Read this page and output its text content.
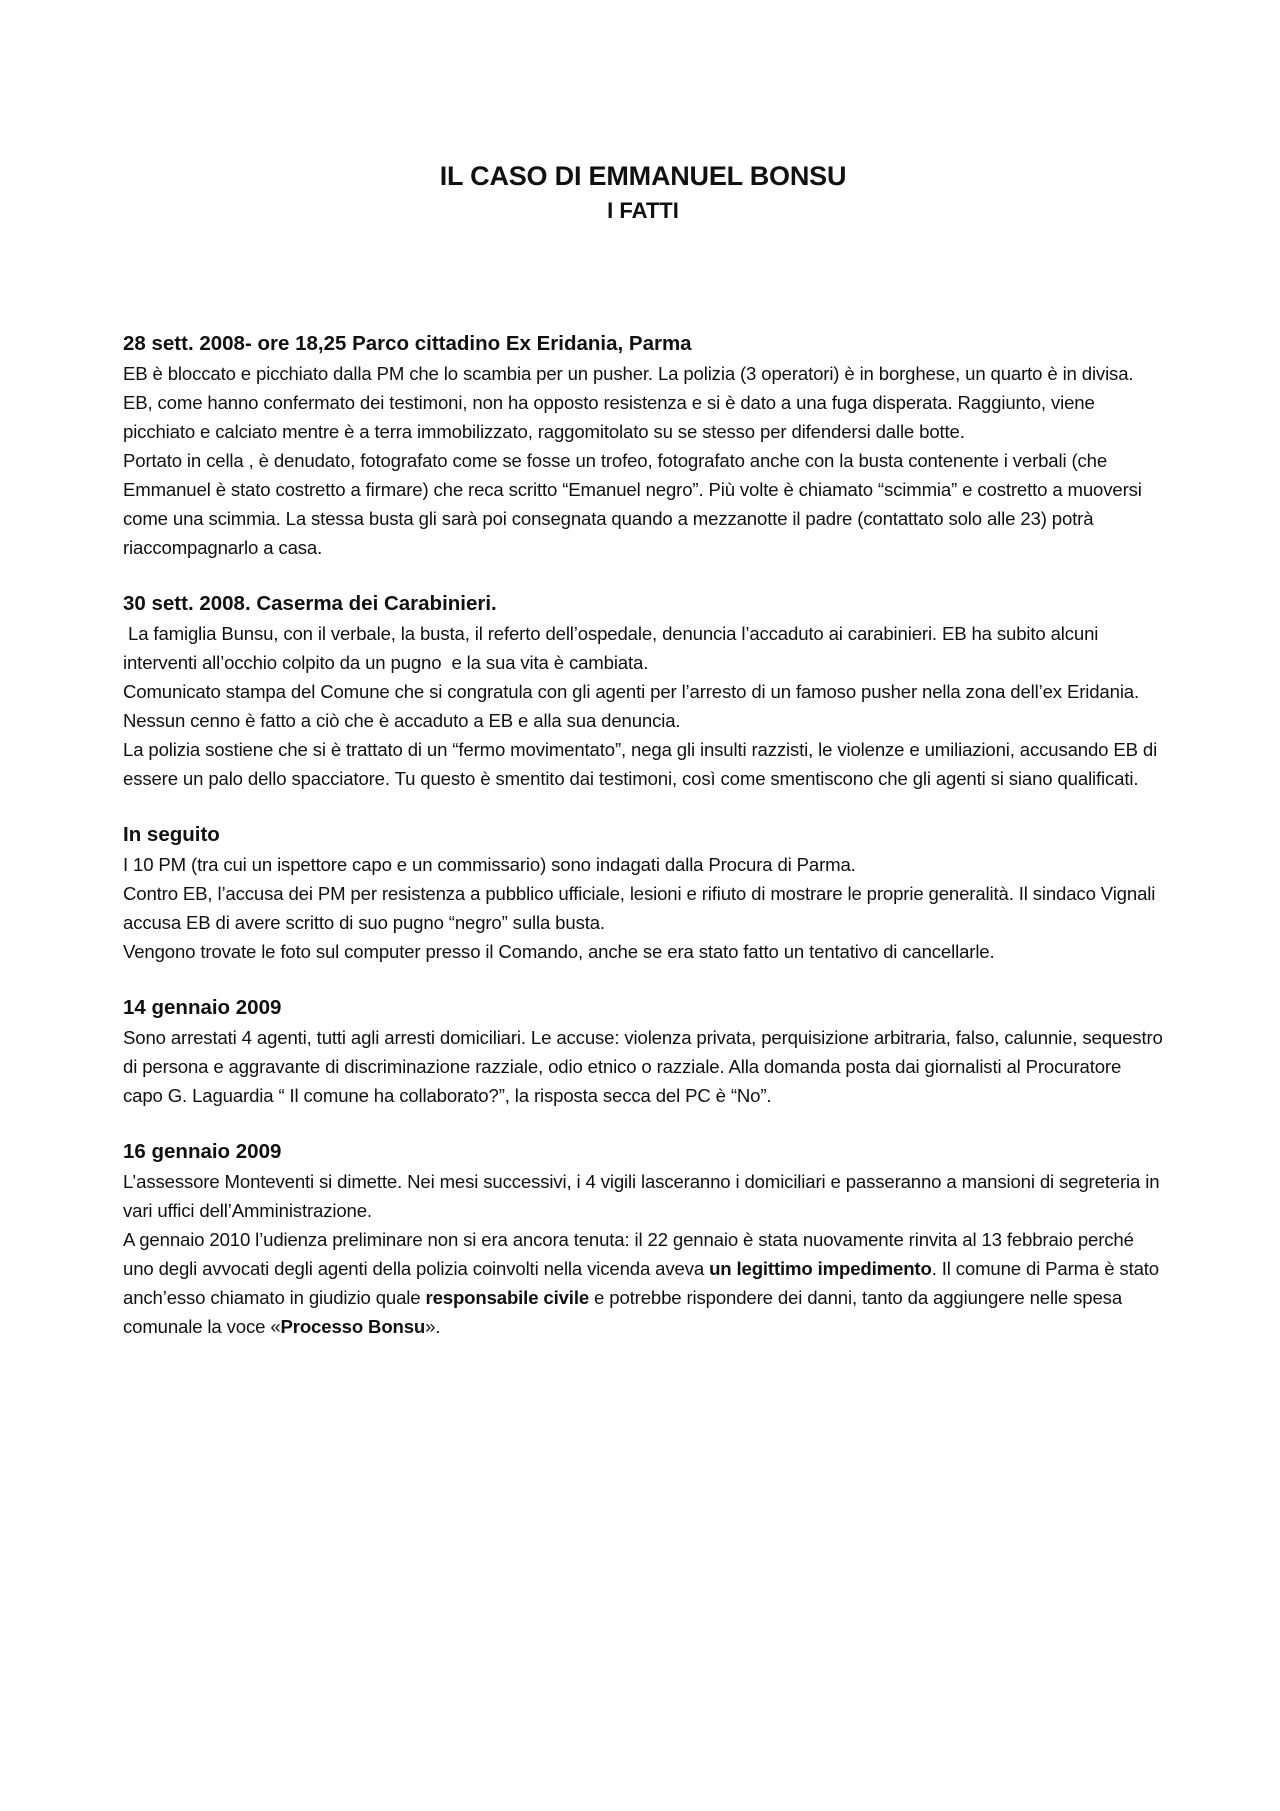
IL CASO DI EMMANUEL BONSU
I FATTI
28 sett. 2008- ore 18,25 Parco cittadino Ex Eridania, Parma

EB è bloccato e picchiato dalla PM che lo scambia per un pusher. La polizia (3 operatori) è in borghese, un quarto è in divisa. EB, come hanno confermato dei testimoni, non ha opposto resistenza e si è dato a una fuga disperata. Raggiunto, viene picchiato e calciato mentre è a terra immobilizzato, raggomitolato su se stesso per difendersi dalle botte.

Portato in cella , è denudato, fotografato come se fosse un trofeo, fotografato anche con la busta contenente i verbali (che Emmanuel è stato costretto a firmare) che reca scritto “Emanuel negro”. Più volte è chiamato “scimmia” e costretto a muoversi come una scimmia. La stessa busta gli sarà poi consegnata quando a mezzanotte il padre (contattato solo alle 23) potrà riaccompagnarlo a casa.

30 sett. 2008. Caserma dei Carabinieri.

La famiglia Bunsu, con il verbale, la busta, il referto dell’ospedale, denuncia l’accaduto ai carabinieri. EB ha subito alcuni interventi all’occhio colpito da un pugno  e la sua vita è cambiata.

Comunicato stampa del Comune che si congratula con gli agenti per l’arresto di un famoso pusher nella zona dell’ex Eridania. Nessun cenno è fatto a ciò che è accaduto a EB e alla sua denuncia.

La polizia sostiene che si è trattato di un “fermo movimentato”, nega gli insulti razzisti, le violenze e umiliazioni, accusando EB di essere un palo dello spacciatore. Tu questo è smentito dai testimoni, così come smentiscono che gli agenti si siano qualificati.

In seguito

I 10 PM (tra cui un ispettore capo e un commissario) sono indagati dalla Procura di Parma.

Contro EB, l’accusa dei PM per resistenza a pubblico ufficiale, lesioni e rifiuto di mostrare le proprie generalità. Il sindaco Vignali accusa EB di avere scritto di suo pugno “negro” sulla busta.

Vengono trovate le foto sul computer presso il Comando, anche se era stato fatto un tentativo di cancellarle.

14 gennaio 2009

Sono arrestati 4 agenti, tutti agli arresti domiciliari. Le accuse: violenza privata, perquisizione arbitraria, falso, calunnie, sequestro di persona e aggravante di discriminazione razziale, odio etnico o razziale. Alla domanda posta dai giornalisti al Procuratore capo G. Laguardia “ Il comune ha collaborato?”, la risposta secca del PC è “No”.

16 gennaio 2009

L’assessore Monteventi si dimette. Nei mesi successivi, i 4 vigili lasceranno i domiciliari e passeranno a mansioni di segreteria in vari uffici dell’Amministrazione.

A gennaio 2010 l’udienza preliminare non si era ancora tenuta: il 22 gennaio è stata nuovamente rinvita al 13 febbraio perché uno degli avvocati degli agenti della polizia coinvolti nella vicenda aveva un legittimo impedimento. Il comune di Parma è stato anch’esso chiamato in giudizio quale responsabile civile e potrebbe rispondere dei danni, tanto da aggiungere nelle spesa comunale la voce «Processo Bonsu».
